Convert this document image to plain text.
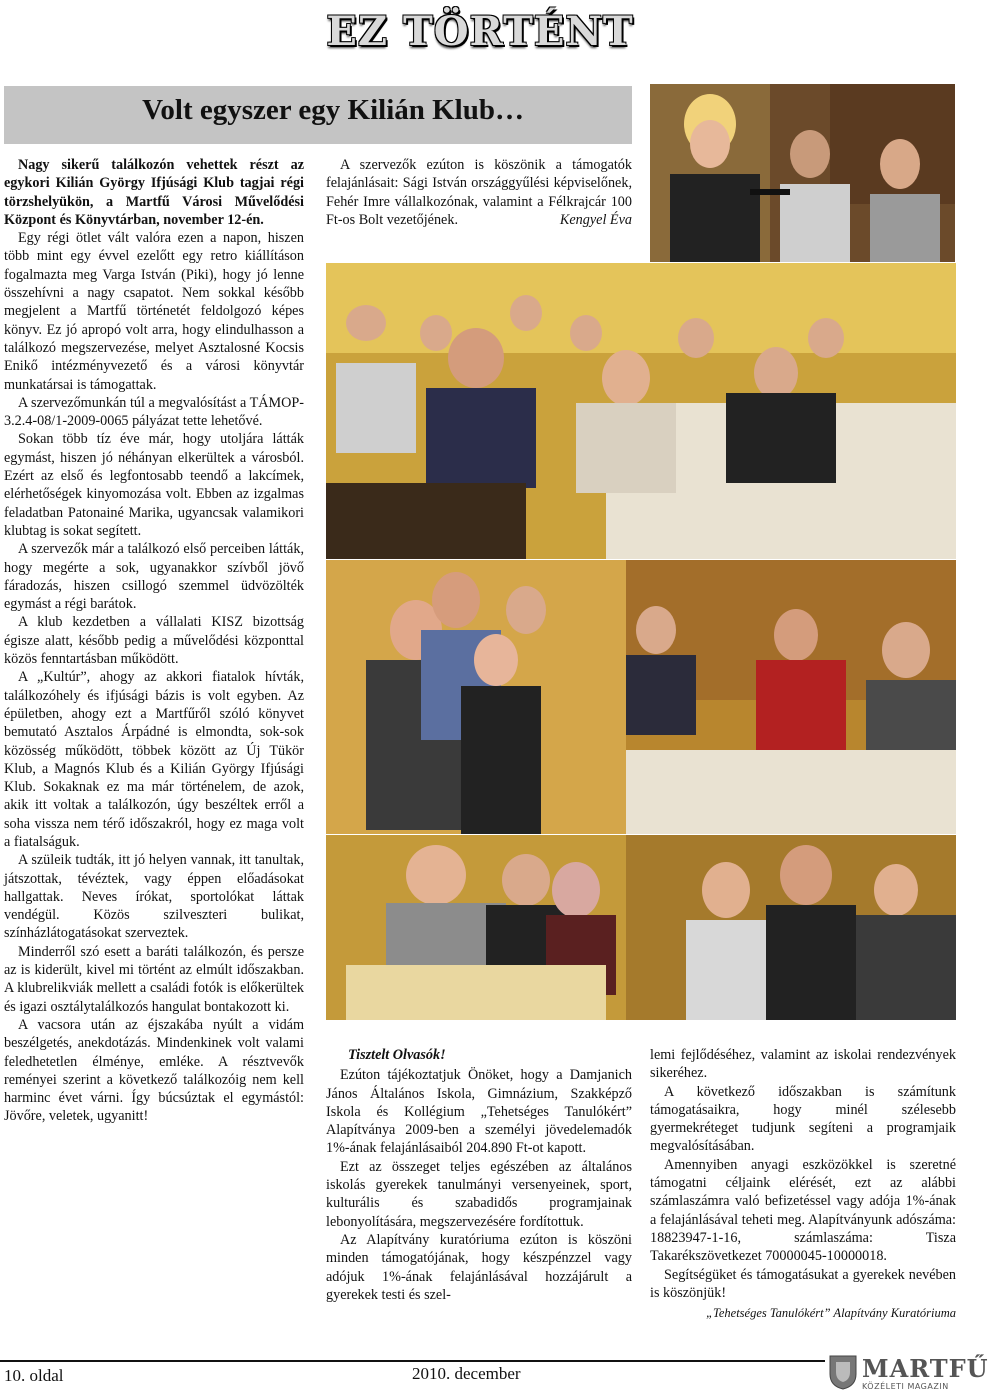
EZ TÖRTÉNT
Volt egyszer egy Kilián Klub…

Nagy sikerű találkozón vehettek részt az egykori Kilián György Ifjúsági Klub tagjai régi törzshelyükön, a Martfű Városi Művelődési Központ és Könyvtárban, november 12-én.

Egy régi ötlet vált valóra ezen a napon, hiszen több mint egy évvel ezelőtt egy retro kiállításon fogalmazta meg Varga István (Piki), hogy jó lenne összehívni a nagy csapatot. Nem sokkal később megjelent a Martfű történetét feldolgozó képes könyv. Ez jó apropó volt arra, hogy elindulhasson a találkozó megszervezése, melyet Asztalosné Kocsis Enikő intézményvezető és a városi könyvtár munkatársai is támogattak.

A szervezőmunkán túl a megvalósítást a TÁMOP-3.2.4-08/1-2009-0065 pályázat tette lehetővé.

Sokan több tíz éve már, hogy utoljára látták egymást, hiszen jó néhányan elkerültek a városból. Ezért az első és legfontosabb teendő a lakcímek, elérhetőségek kinyomozása volt. Ebben az izgalmas feladatban Patonainé Marika, ugyancsak valamikori klubtag is sokat segített.

A szervezők már a találkozó első perceiben látták, hogy megérte a sok, ugyanakkor szívből jövő fáradozás, hiszen csillogó szemmel üdvözölték egymást a régi barátok.

A klub kezdetben a vállalati KISZ bizottság égisze alatt, később pedig a művelődési központtal közös fenntartásban működött.

A „Kultúr”, ahogy az akkori fiatalok hívták, találkozóhely és ifjúsági bázis is volt egyben. Az épületben, ahogy ezt a Martfűről szóló könyvet bemutató Asztalos Árpádné is elmondta, sok-sok közösség működött, többek között az Új Tükör Klub, a Magnós Klub és a Kilián György Ifjúsági Klub. Sokaknak ez ma már történelem, de azok, akik itt voltak a találkozón, úgy beszéltek erről a soha vissza nem térő időszakról, hogy ez maga volt a fiatalságuk.

A szüleik tudták, itt jó helyen vannak, itt tanultak, játszottak, tévéztek, vagy éppen előadásokat hallgattak. Neves írókat, sportolókat láttak vendégül. Közös szilveszteri bulikat, színházlátogatásokat szerveztek.

Minderről szó esett a baráti találkozón, és persze az is kiderült, kivel mi történt az elmúlt időszakban. A klubrelikviák mellett a családi fotók is előkerültek és igazi osztálytalálkozós hangulat bontakozott ki.

A vacsora után az éjszakába nyúlt a vidám beszélgetés, anekdotázás. Mindenkinek volt valami feledhetetlen élménye, emléke. A résztvevők reményei szerint a következő találkozóig nem kell harminc évet várni. Így búcsúztak el egymástól: Jövőre, veletek, ugyanitt!

A szervezők ezúton is köszönik a támogatók felajánlásait: Sági István országgyűlési képviselőnek, Fehér Imre vállalkozónak, valamint a Félkrajcár 100 Ft-os Bolt vezetőjének.	Kengyel Éva
Tisztelt Olvasók!

Ezúton tájékoztatjuk Önöket, hogy a Damjanich János Általános Iskola, Gimnázium, Szakképző Iskola és Kollégium „Tehetséges Tanulókért” Alapítványa 2009-ben a személyi jövedelemadók 1%-ának felajánlásaiból 204.890 Ft-ot kapott.

Ezt az összeget teljes egészében az általános iskolás gyerekek tanulmányi versenyeinek, sport, kulturális és szabadidős programjainak lebonyolítására, megszervezésére fordítottuk.

Az Alapítvány kuratóriuma ezúton is köszöni minden támogatójának, hogy készpénzzel vagy adójuk 1%-ának felajánlásával hozzájárult a gyerekek testi és szel-

lemi fejlődéséhez, valamint az iskolai rendezvények sikeréhez.

A következő időszakban is számítunk támogatásaikra, hogy minél szélesebb gyermekréteget tudjunk segíteni a programjaik megvalósításában.

Amennyiben anyagi eszközökkel is szeretné támogatni céljaink elérését, ezt az alábbi számlaszámra való befizetéssel vagy adója 1%-ának a felajánlásával teheti meg. Alapítványunk adószáma: 18823947-1-16, számlaszáma: Tisza Takarékszövetkezet 70000045-10000018.

Segítségüket és támogatásukat a gyerekek nevében is köszönjük!

„Tehetséges Tanulókért” Alapítvány Kuratóriuma
10. oldal	2010. december	MARTFŰ
KÖZÉLETI MAGAZIN
